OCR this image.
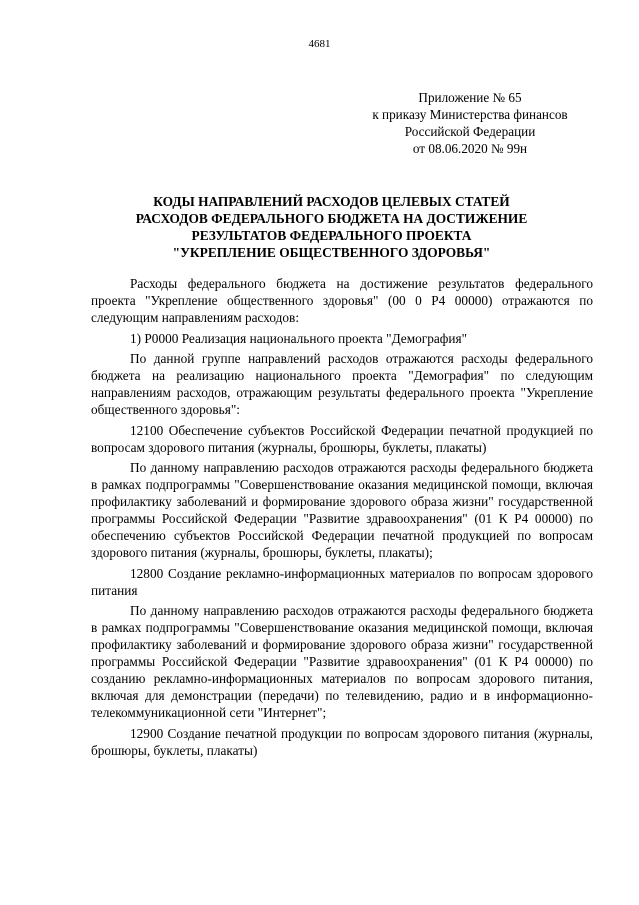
4681
Приложение № 65
к приказу Министерства финансов
Российской Федерации
от 08.06.2020 № 99н
КОДЫ НАПРАВЛЕНИЙ РАСХОДОВ ЦЕЛЕВЫХ СТАТЕЙ
РАСХОДОВ ФЕДЕРАЛЬНОГО БЮДЖЕТА НА ДОСТИЖЕНИЕ
РЕЗУЛЬТАТОВ ФЕДЕРАЛЬНОГО ПРОЕКТА
"УКРЕПЛЕНИЕ ОБЩЕСТВЕННОГО ЗДОРОВЬЯ"

Расходы федерального бюджета на достижение результатов федерального проекта "Укрепление общественного здоровья" (00 0 Р4 00000) отражаются по следующим направлениям расходов:

1) Р0000 Реализация национального проекта "Демография"

По данной группе направлений расходов отражаются расходы федерального бюджета на реализацию национального проекта "Демография" по следующим направлениям расходов, отражающим результаты федерального проекта "Укрепление общественного здоровья":

12100 Обеспечение субъектов Российской Федерации печатной продукцией по вопросам здорового питания (журналы, брошюры, буклеты, плакаты)

По данному направлению расходов отражаются расходы федерального бюджета в рамках подпрограммы "Совершенствование оказания медицинской помощи, включая профилактику заболеваний и формирование здорового образа жизни" государственной программы Российской Федерации "Развитие здравоохранения" (01 К Р4 00000) по обеспечению субъектов Российской Федерации печатной продукцией по вопросам здорового питания (журналы, брошюры, буклеты, плакаты);

12800 Создание рекламно-информационных материалов по вопросам здорового питания

По данному направлению расходов отражаются расходы федерального бюджета в рамках подпрограммы "Совершенствование оказания медицинской помощи, включая профилактику заболеваний и формирование здорового образа жизни" государственной программы Российской Федерации "Развитие здравоохранения" (01 К Р4 00000) по созданию рекламно-информационных материалов по вопросам здорового питания, включая для демонстрации (передачи) по телевидению, радио и в информационно-телекоммуникационной сети "Интернет";

12900 Создание печатной продукции по вопросам здорового питания (журналы, брошюры, буклеты, плакаты)
